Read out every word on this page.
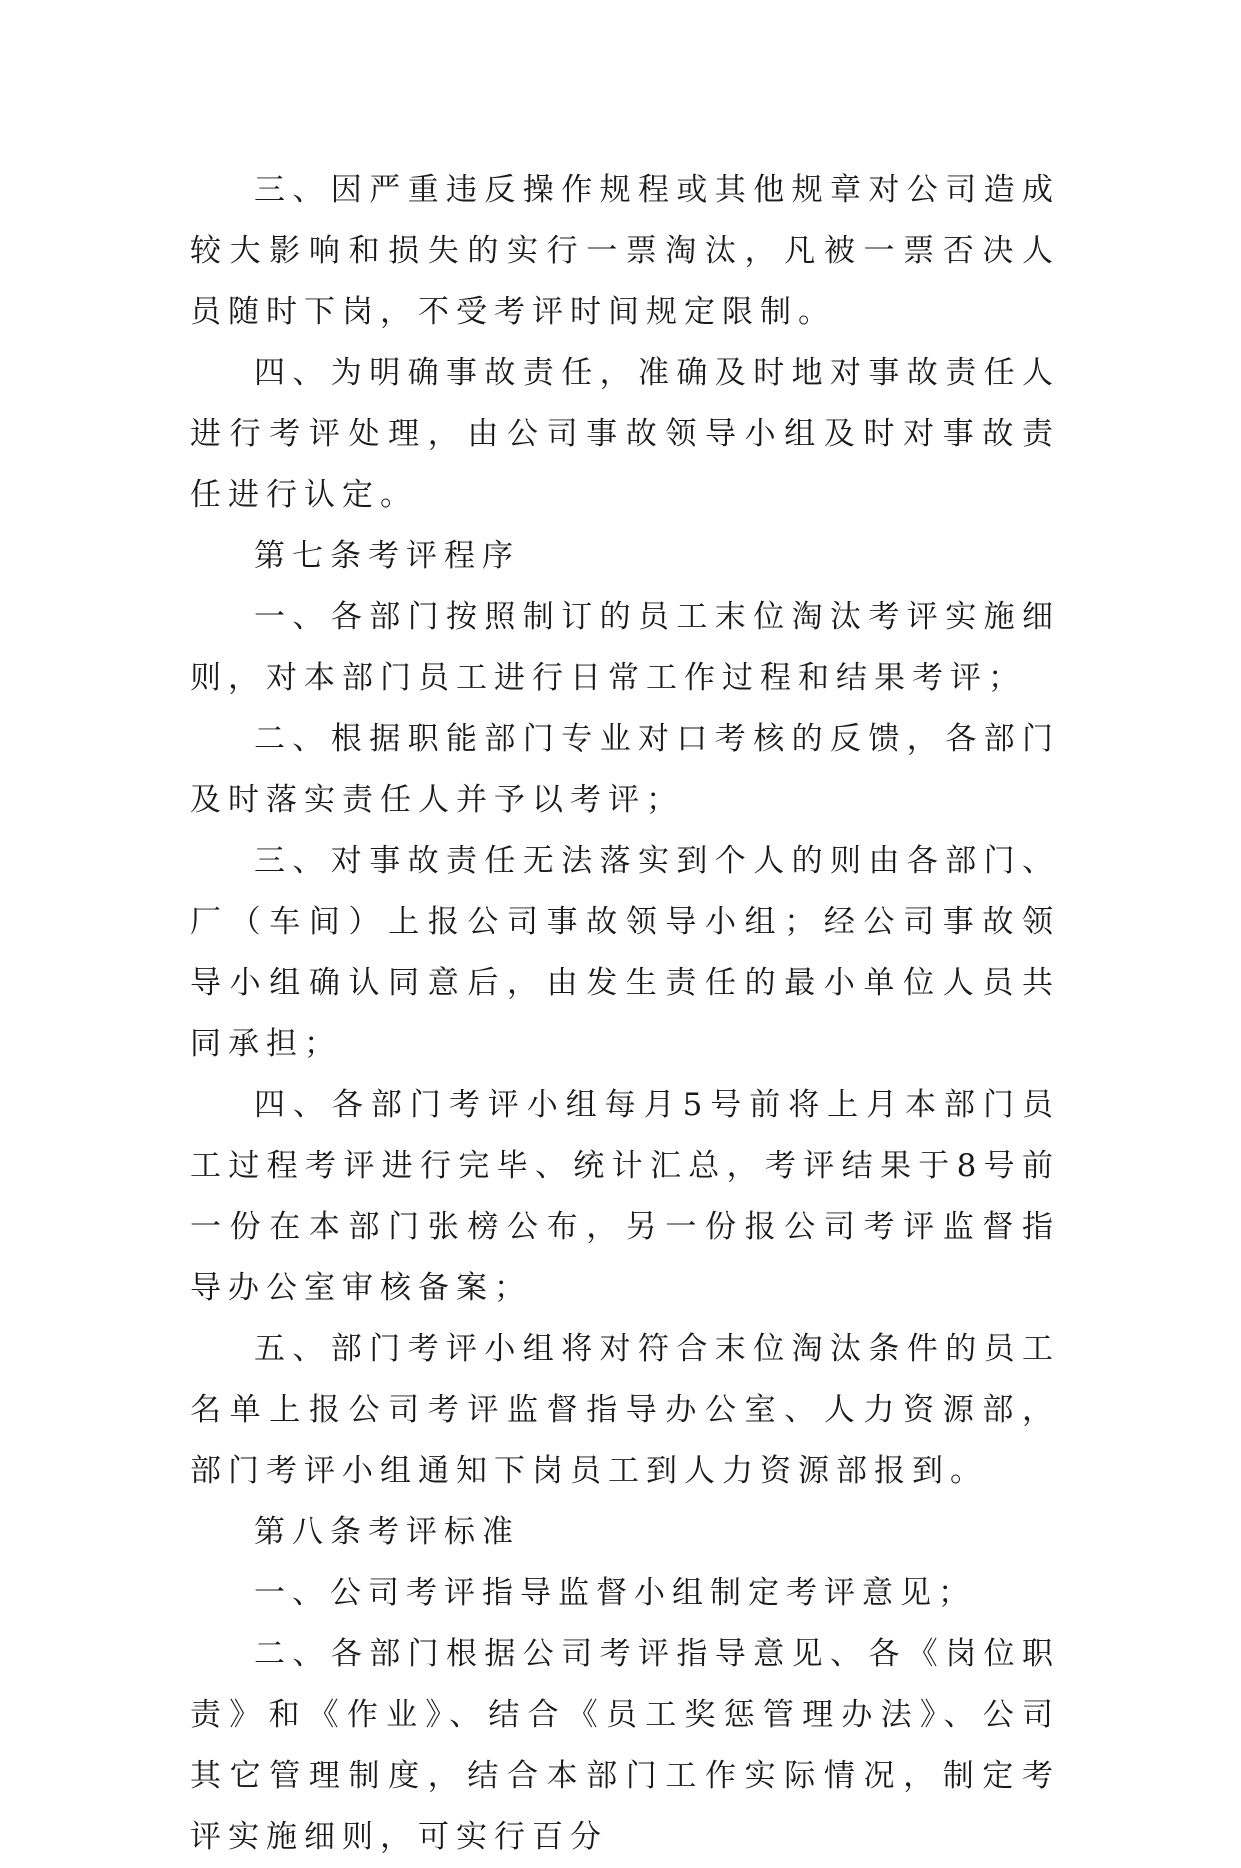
三、因严重违反操作规程或其他规章对公司造成较大影响和损失的实行一票淘汰，凡被一票否决人员随时下岗，不受考评时间规定限制。

四、为明确事故责任，准确及时地对事故责任人进行考评处理，由公司事故领导小组及时对事故责任进行认定。

第七条考评程序

一、各部门按照制订的员工末位淘汰考评实施细则，对本部门员工进行日常工作过程和结果考评；

二、根据职能部门专业对口考核的反馈，各部门及时落实责任人并予以考评；

三、对事故责任无法落实到个人的则由各部门、厂（车间）上报公司事故领导小组；经公司事故领导小组确认同意后，由发生责任的最小单位人员共同承担；

四、各部门考评小组每月5号前将上月本部门员工过程考评进行完毕、统计汇总，考评结果于8号前一份在本部门张榜公布，另一份报公司考评监督指导办公室审核备案；

五、部门考评小组将对符合末位淘汰条件的员工名单上报公司考评监督指导办公室、人力资源部，部门考评小组通知下岗员工到人力资源部报到。

第八条考评标准

一、公司考评指导监督小组制定考评意见；

二、各部门根据公司考评指导意见、各《岗位职责》和《作业》、结合《员工奖惩管理办法》、公司其它管理制度，结合本部门工作实际情况，制定考评实施细则，可实行百分
